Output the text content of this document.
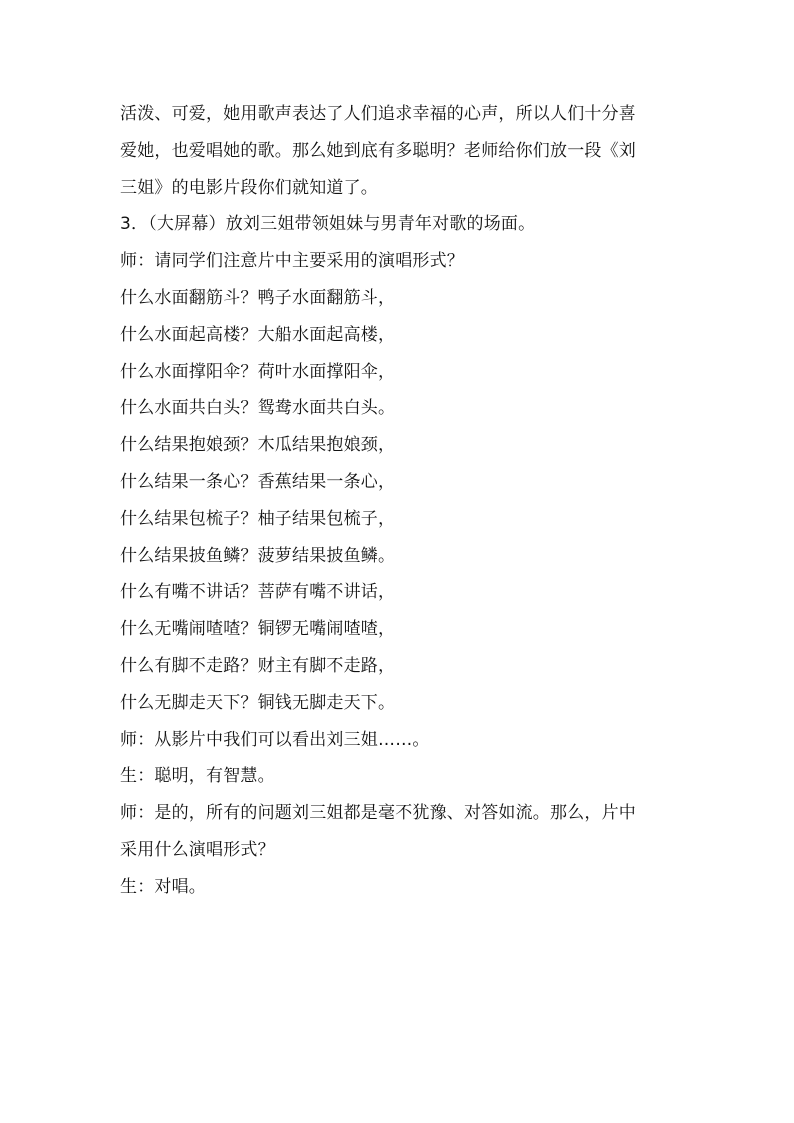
活泼、可爱，她用歌声表达了人们追求幸福的心声，所以人们十分喜
爱她，也爱唱她的歌。那么她到底有多聪明？老师给你们放一段《刘
三姐》的电影片段你们就知道了。
3．（大屏幕）放刘三姐带领姐妹与男青年对歌的场面。
师：请同学们注意片中主要采用的演唱形式？
什么水面翻筋斗？鸭子水面翻筋斗，
什么水面起高楼？大船水面起高楼，
什么水面撑阳伞？荷叶水面撑阳伞，
什么水面共白头？鸳鸯水面共白头。
什么结果抱娘颈？木瓜结果抱娘颈，
什么结果一条心？香蕉结果一条心，
什么结果包梳子？柚子结果包梳子，
什么结果披鱼鳞？菠萝结果披鱼鳞。
什么有嘴不讲话？菩萨有嘴不讲话，
什么无嘴闹喳喳？铜锣无嘴闹喳喳，
什么有脚不走路？财主有脚不走路，
什么无脚走天下？铜钱无脚走天下。
师：从影片中我们可以看出刘三姐……。
生：聪明，有智慧。
师：是的，所有的问题刘三姐都是毫不犹豫、对答如流。那么，片中
采用什么演唱形式？
生：对唱。
